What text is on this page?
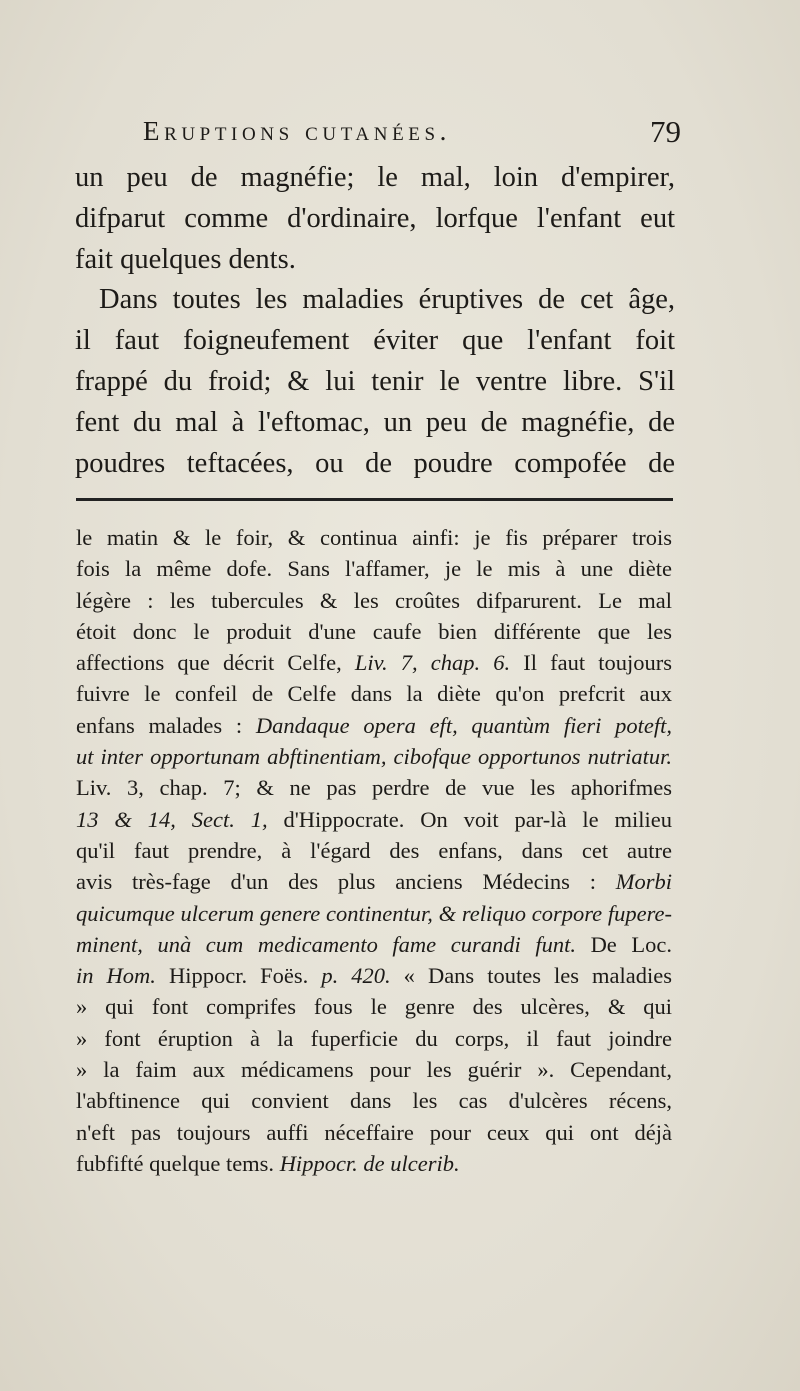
Eruptions cutanées.	79
un peu de magnéfie; le mal, loin d'empirer,
difparut comme d'ordinaire, lorfque l'enfant eut
fait quelques dents.
Dans toutes les maladies éruptives de cet âge,
il faut foigneufement éviter que l'enfant foit
frappé du froid; & lui tenir le ventre libre. S'il
fent du mal à l'eftomac, un peu de magnéfie, de
poudres teftacées, ou de poudre compofée de
le matin & le foir, & continua ainfi: je fis préparer trois
fois la même dofe. Sans l'affamer, je le mis à une diète
légère : les tubercules & les croûtes difparurent. Le mal
étoit donc le produit d'une caufe bien différente que les
affections que décrit Celfe, Liv. 7, chap. 6. Il faut toujours
fuivre le confeil de Celfe dans la diète qu'on prefcrit aux
enfans malades : Dandaque opera eft, quantùm fieri poteft,
ut inter opportunam abftinentiam, cibofque opportunos nutriatur.
Liv. 3, chap. 7; & ne pas perdre de vue les aphorifmes
13 & 14, Sect. 1, d'Hippocrate. On voit par-là le milieu
qu'il faut prendre, à l'égard des enfans, dans cet autre
avis très-fage d'un des plus anciens Médecins : Morbi
quicumque ulcerum genere continentur, & reliquo corpore fupere-
minent, unà cum medicamento fame curandi funt. De Loc.
in Hom. Hippocr. Foës. p. 420. « Dans toutes les maladies
» qui font comprifes fous le genre des ulcères, & qui
» font éruption à la fuperficie du corps, il faut joindre
» la faim aux médicamens pour les guérir ». Cependant,
l'abftinence qui convient dans les cas d'ulcères récens,
n'eft pas toujours auffi néceffaire pour ceux qui ont déjà
fubfifté quelque tems. Hippocr. de ulcerib.
